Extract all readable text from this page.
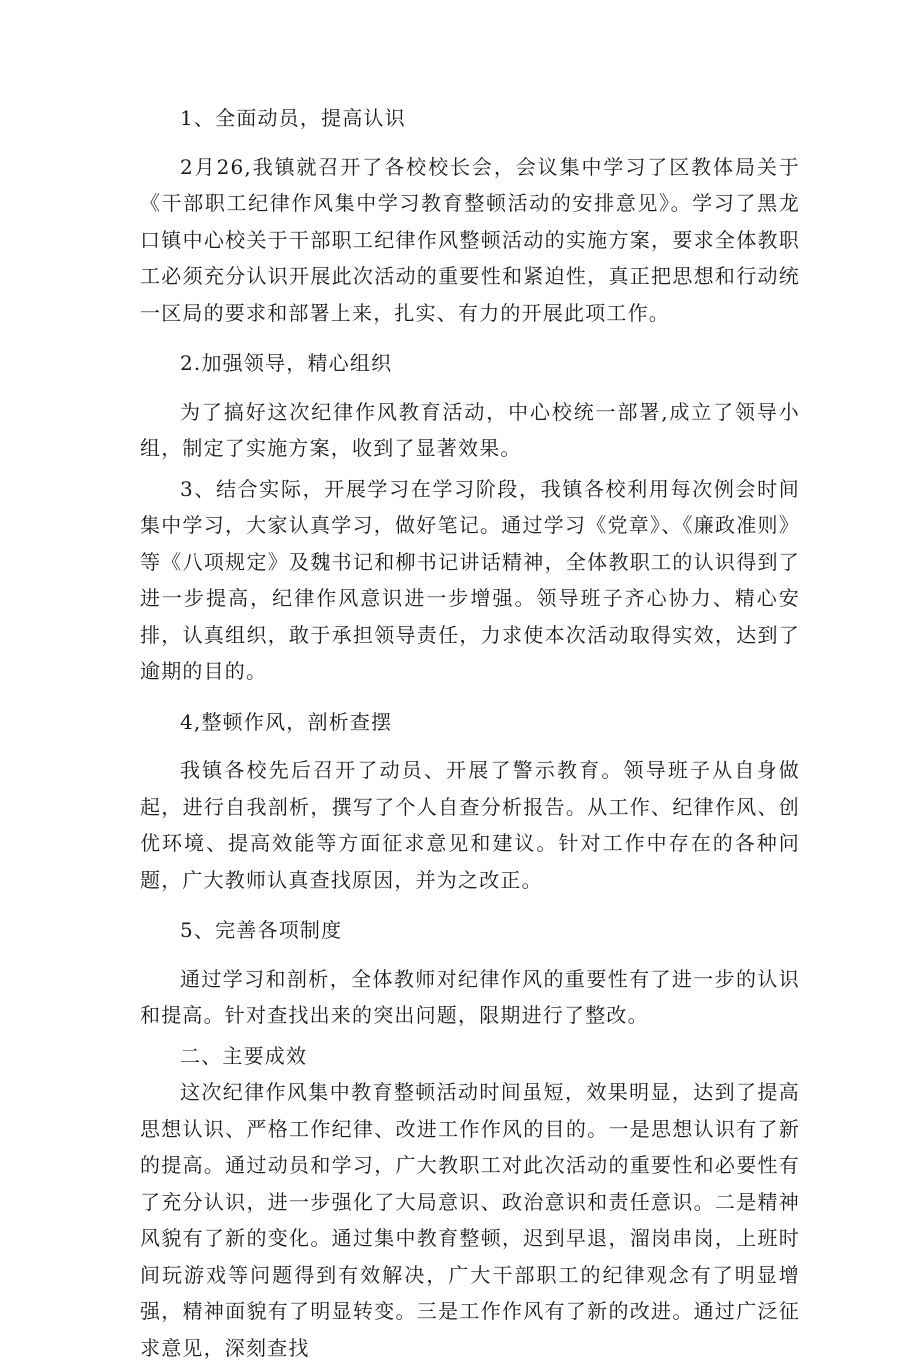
1、全面动员，提高认识

2月26,我镇就召开了各校校长会，会议集中学习了区教体局关于《干部职工纪律作风集中学习教育整顿活动的安排意见》。学习了黑龙口镇中心校关于干部职工纪律作风整顿活动的实施方案，要求全体教职工必须充分认识开展此次活动的重要性和紧迫性，真正把思想和行动统一区局的要求和部署上来，扎实、有力的开展此项工作。

2.加强领导，精心组织

为了搞好这次纪律作风教育活动，中心校统一部署,成立了领导小组，制定了实施方案，收到了显著效果。

3、结合实际，开展学习在学习阶段，我镇各校利用每次例会时间集中学习，大家认真学习，做好笔记。通过学习《党章》、《廉政准则》等《八项规定》及魏书记和柳书记讲话精神，全体教职工的认识得到了进一步提高，纪律作风意识进一步增强。领导班子齐心协力、精心安排，认真组织，敢于承担领导责任，力求使本次活动取得实效，达到了逾期的目的。

4,整顿作风，剖析查摆

我镇各校先后召开了动员、开展了警示教育。领导班子从自身做起，进行自我剖析，撰写了个人自查分析报告。从工作、纪律作风、创优环境、提高效能等方面征求意见和建议。针对工作中存在的各种问题，广大教师认真查找原因，并为之改正。

5、完善各项制度

通过学习和剖析，全体教师对纪律作风的重要性有了进一步的认识和提高。针对查找出来的突出问题，限期进行了整改。

二、主要成效

这次纪律作风集中教育整顿活动时间虽短，效果明显，达到了提高思想认识、严格工作纪律、改进工作作风的目的。一是思想认识有了新的提高。通过动员和学习，广大教职工对此次活动的重要性和必要性有了充分认识，进一步强化了大局意识、政治意识和责任意识。二是精神风貌有了新的变化。通过集中教育整顿，迟到早退，溜岗串岗，上班时间玩游戏等问题得到有效解决，广大干部职工的纪律观念有了明显增强，精神面貌有了明显转变。三是工作作风有了新的改进。通过广泛征求意见，深刻查找
